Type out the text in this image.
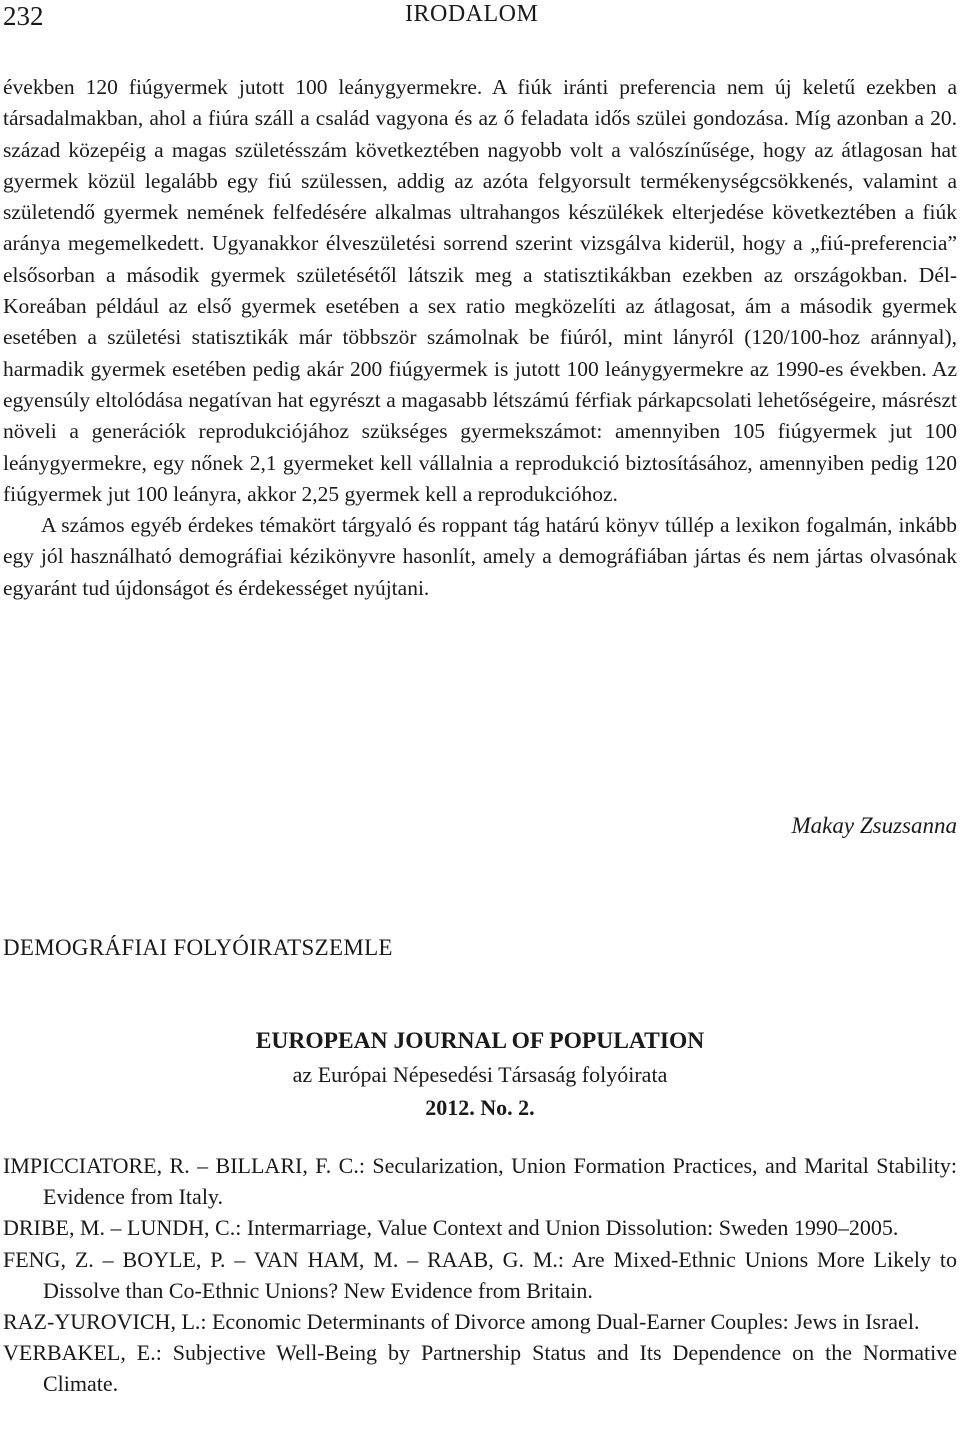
232	IRODALOM

években 120 fiúgyermek jutott 100 leánygyermekre. A fiúk iránti preferencia nem új keletű ezekben a társadalmakban, ahol a fiúra száll a család vagyona és az ő feladata idős szülei gondozása. Míg azonban a 20. század közepéig a magas születésszám következtében nagyobb volt a valószínűsége, hogy az átlagosan hat gyermek közül legalább egy fiú szülessen, addig az azóta felgyorsult termékenységcsökkenés, valamint a születendő gyermek nemének felfedésére alkalmas ultrahangos készülékek elterjedése következtében a fiúk aránya megemelkedett. Ugyanakkor élveszületési sorrend szerint vizsgálva kiderül, hogy a „fiú-preferencia” elsősorban a második gyermek születésétől látszik meg a statisztikákban ezekben az országokban. Dél-Koreában például az első gyermek esetében a sex ratio megközelíti az átlagosat, ám a második gyermek esetében a születési statisztikák már többször számolnak be fiúról, mint lányról (120/100-hoz aránnyal), harmadik gyermek esetében pedig akár 200 fiúgyermek is jutott 100 leánygyermekre az 1990-es években. Az egyensúly eltolódása negatívan hat egyrészt a magasabb létszámú férfiak párkapcsolati lehetőségeire, másrészt növeli a generációk reprodukciójához szükséges gyermekszámot: amennyiben 105 fiúgyermek jut 100 leánygyermekre, egy nőnek 2,1 gyermeket kell vállalnia a reprodukció biztosításához, amennyiben pedig 120 fiúgyermek jut 100 leányra, akkor 2,25 gyermek kell a reprodukcióhoz.

A számos egyéb érdekes témakört tárgyaló és roppant tág határú könyv túllép a lexikon fogalmán, inkább egy jól használható demográfiai kézikönyvre hasonlít, amely a demográfiában jártas és nem jártas olvasónak egyaránt tud újdonságot és érdekességet nyújtani.

Makay Zsuzsanna
DEMOGRÁFIAI FOLYÓIRATSZEMLE
EUROPEAN JOURNAL OF POPULATION
az Európai Népesedési Társaság folyóirata
2012. No. 2.
IMPICCIATORE, R. – BILLARI, F. C.: Secularization, Union Formation Practices, and Marital Stability: Evidence from Italy.
DRIBE, M. – LUNDH, C.: Intermarriage, Value Context and Union Dissolution: Sweden 1990–2005.
FENG, Z. – BOYLE, P. – VAN HAM, M. – RAAB, G. M.: Are Mixed-Ethnic Unions More Likely to Dissolve than Co-Ethnic Unions? New Evidence from Britain.
RAZ-YUROVICH, L.: Economic Determinants of Divorce among Dual-Earner Couples: Jews in Israel.
VERBAKEL, E.: Subjective Well-Being by Partnership Status and Its Dependence on the Normative Climate.
